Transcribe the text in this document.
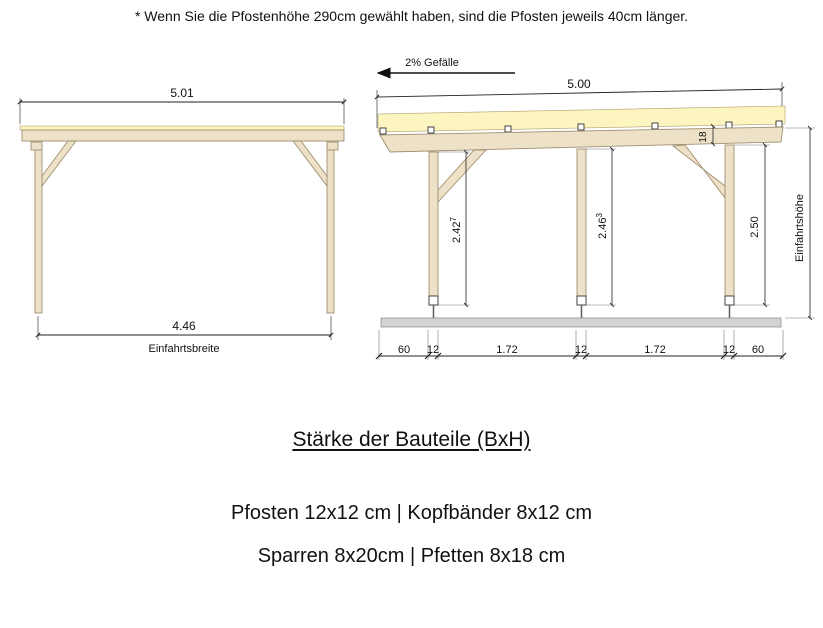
* Wenn Sie die Pfostenhöhe 290cm gewählt haben, sind die Pfosten jeweils 40cm länger.
5.01
4.46
Einfahrtsbreite
2% Gefälle
5.00
18
2.42$^7$	2.46$^3$
2.50	Einfahrtshöhe
60 12	1.72	12	1.72	12 60
Stärke der Bauteile (BxH)
Pfosten 12x12 cm | Kopfbänder 8x12 cm
Sparren 8x20cm | Pfetten 8x18 cm
